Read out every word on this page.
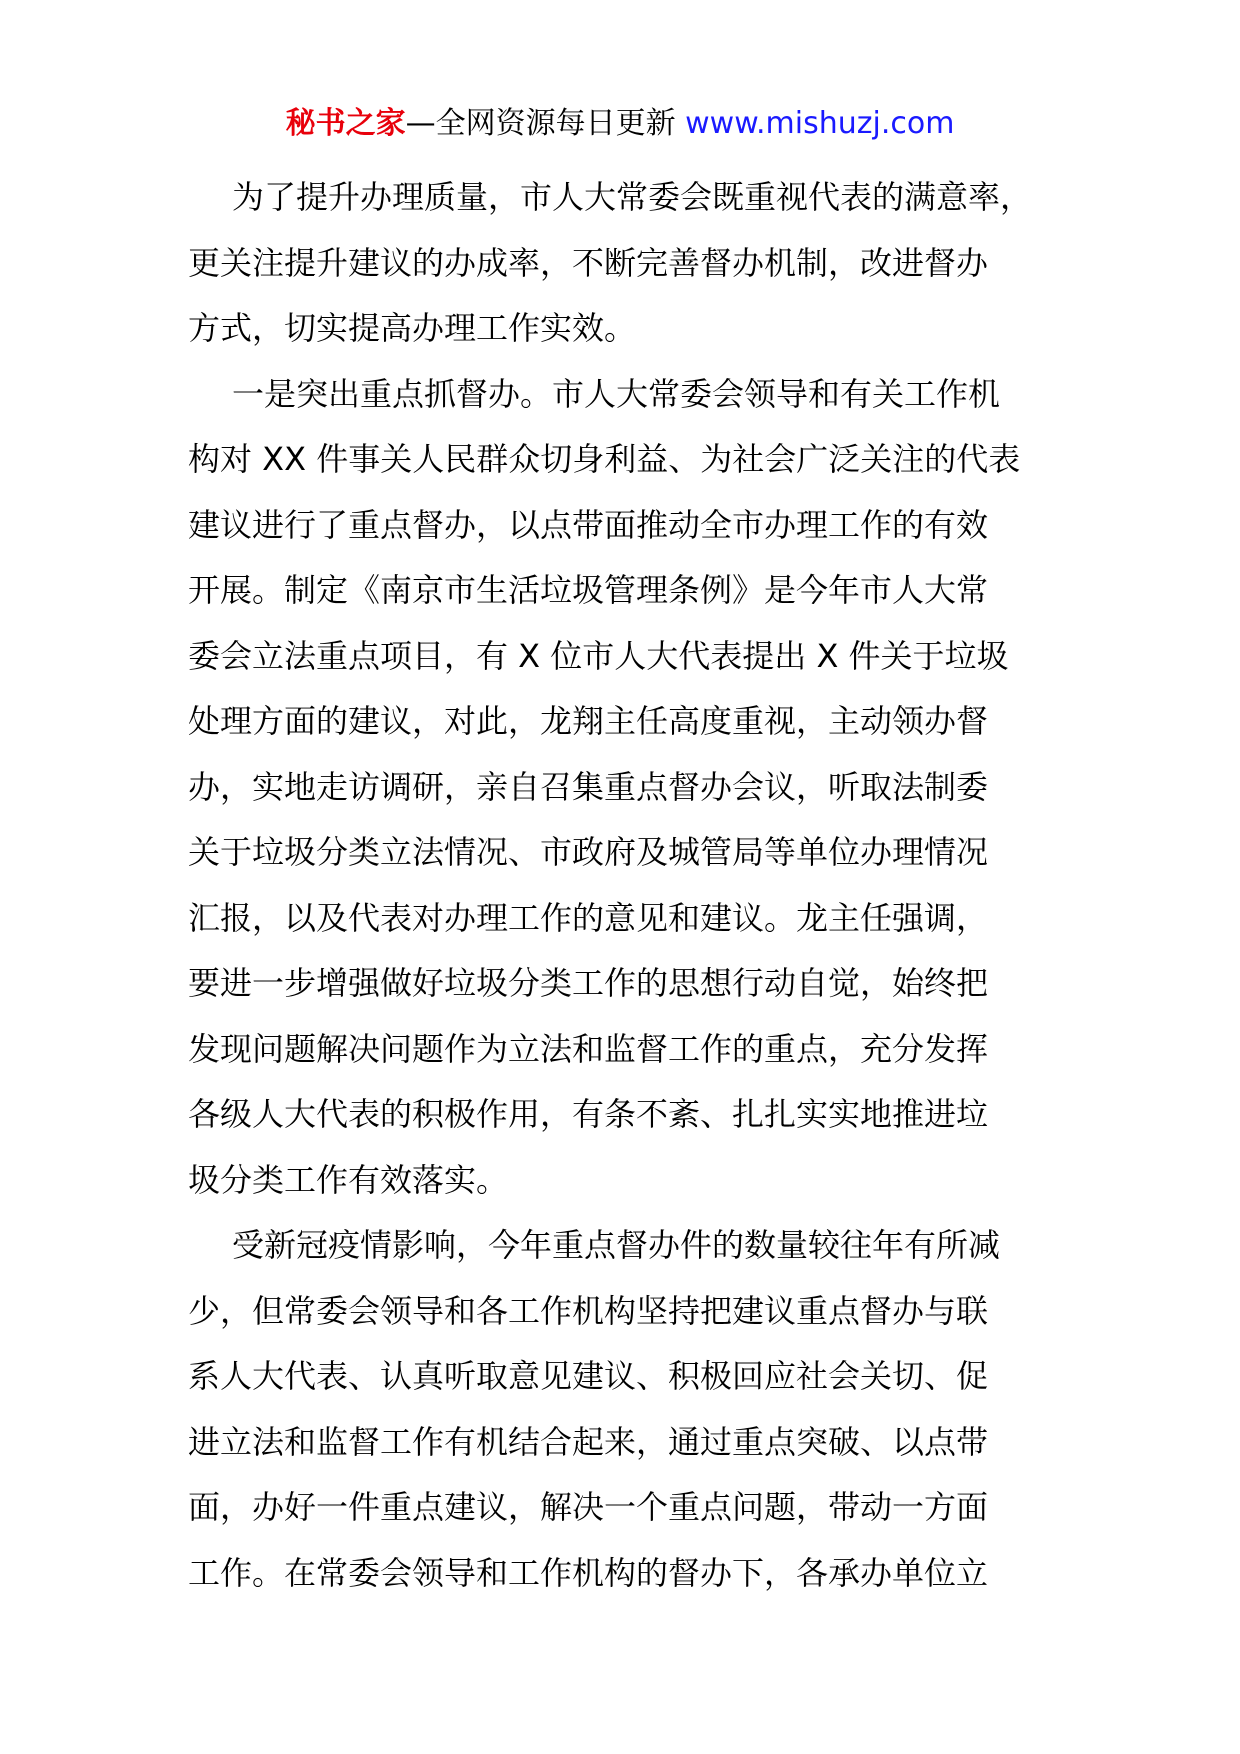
秘书之家—全网资源每日更新 www.mishuzj.com
为了提升办理质量，市人大常委会既重视代表的满意率，
更关注提升建议的办成率，不断完善督办机制，改进督办
方式，切实提高办理工作实效。
一是突出重点抓督办。市人大常委会领导和有关工作机
构对 XX 件事关人民群众切身利益、为社会广泛关注的代表
建议进行了重点督办，以点带面推动全市办理工作的有效
开展。制定《南京市生活垃圾管理条例》是今年市人大常
委会立法重点项目，有 X 位市人大代表提出 X 件关于垃圾
处理方面的建议，对此，龙翔主任高度重视，主动领办督
办，实地走访调研，亲自召集重点督办会议，听取法制委
关于垃圾分类立法情况、市政府及城管局等单位办理情况
汇报，以及代表对办理工作的意见和建议。龙主任强调，
要进一步增强做好垃圾分类工作的思想行动自觉，始终把
发现问题解决问题作为立法和监督工作的重点，充分发挥
各级人大代表的积极作用，有条不紊、扎扎实实地推进垃
圾分类工作有效落实。
受新冠疫情影响，今年重点督办件的数量较往年有所减
少，但常委会领导和各工作机构坚持把建议重点督办与联
系人大代表、认真听取意见建议、积极回应社会关切、促
进立法和监督工作有机结合起来，通过重点突破、以点带
面，办好一件重点建议，解决一个重点问题，带动一方面
工作。在常委会领导和工作机构的督办下，各承办单位立
